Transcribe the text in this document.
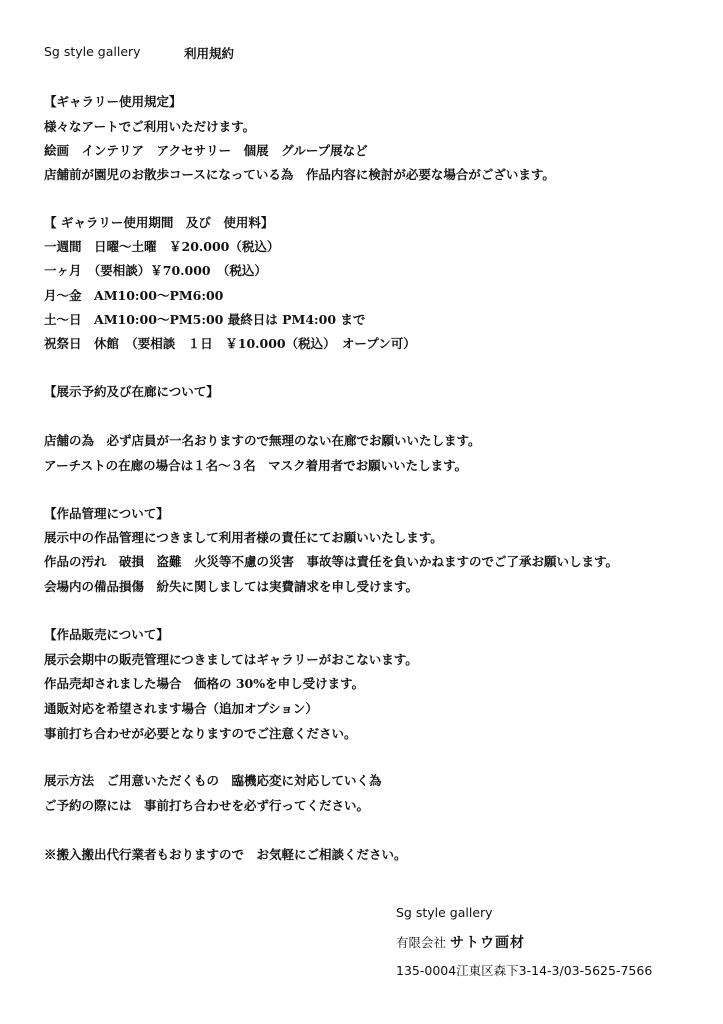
Sg style gallery	利用規約
【ギャラリー使用規定】
様々なアートでご利用いただけます。
絵画　インテリア　アクセサリー　個展　グループ展など
店舗前が園児のお散歩コースになっている為　作品内容に検討が必要な場合がございます。
【 ギャラリー使用期間　及び　使用料】
一週間　日曜～土曜　￥20.000（税込）
一ヶ月　（要相談）￥70.000　（税込）
月～金　AM10:00～PM6:00
土～日　AM10:00～PM5:00 最終日は PM4:00 まで
祝祭日　休館　（要相談　１日　￥10.000（税込）　オープン可）
【展示予約及び在廊について】
店舗の為　必ず店員が一名おりますので無理のない在廊でお願いいたします。
アーチストの在廊の場合は１名～３名　マスク着用者でお願いいたします。
【作品管理について】
展示中の作品管理につきまして利用者様の責任にてお願いいたします。
作品の汚れ　破損　盗難　火災等不慮の災害　事故等は責任を負いかねますのでご了承お願いします。
会場内の備品損傷　紛失に関しましては実費請求を申し受けます。
【作品販売について】
展示会期中の販売管理につきましてはギャラリーがおこないます。
作品売却されました場合　価格の 30%を申し受けます。
通販対応を希望されます場合（追加オプション）
事前打ち合わせが必要となりますのでご注意ください。
展示方法　ご用意いただくもの　臨機応変に対応していく為
ご予約の際には　事前打ち合わせを必ず行ってください。
※搬入搬出代行業者もおりますので　お気軽にご相談ください。
Sg style gallery
有限会社 サトウ画材
135-0004江東区森下3-14-3/03-5625-7566
